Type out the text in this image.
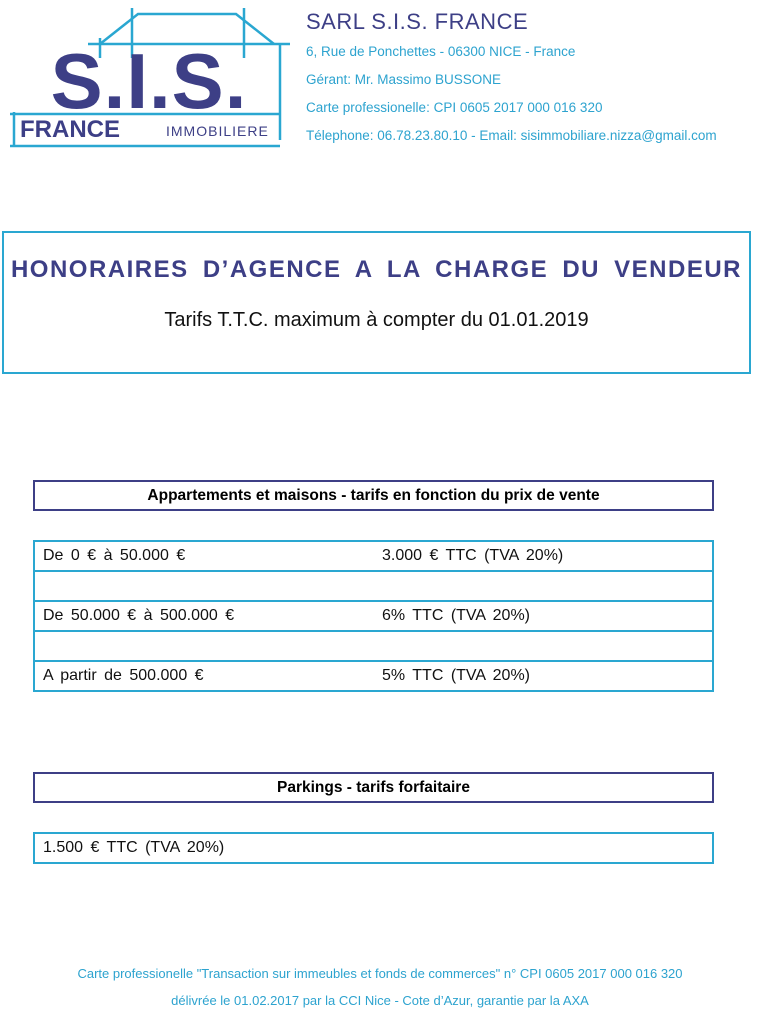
S.I.S.
FRANCE	IMMOBILIERE
SARL S.I.S. FRANCE
6, Rue de Ponchettes - 06300 NICE - France
Gérant: Mr. Massimo BUSSONE
Carte professionelle: CPI 0605 2017 000 016 320
Télephone: 06.78.23.80.10 - Email: sisimmobiliare.nizza@gmail.com
HONORAIRES D’AGENCE A LA CHARGE DU VENDEUR
Tarifs T.T.C. maximum à compter du 01.01.2019
Appartements et maisons - tarifs en fonction du prix de vente
De 0 € à 50.000 €	3.000 € TTC (TVA 20%)
De 50.000 € à 500.000 €	6% TTC (TVA 20%)
A partir de 500.000 €	5% TTC (TVA 20%)
Parkings - tarifs forfaitaire
1.500 € TTC (TVA 20%)
Carte professionelle "Transaction sur immeubles et fonds de commerces" n° CPI 0605 2017 000 016 320
délivrée le 01.02.2017 par la CCI Nice - Cote d’Azur, garantie par la AXA
